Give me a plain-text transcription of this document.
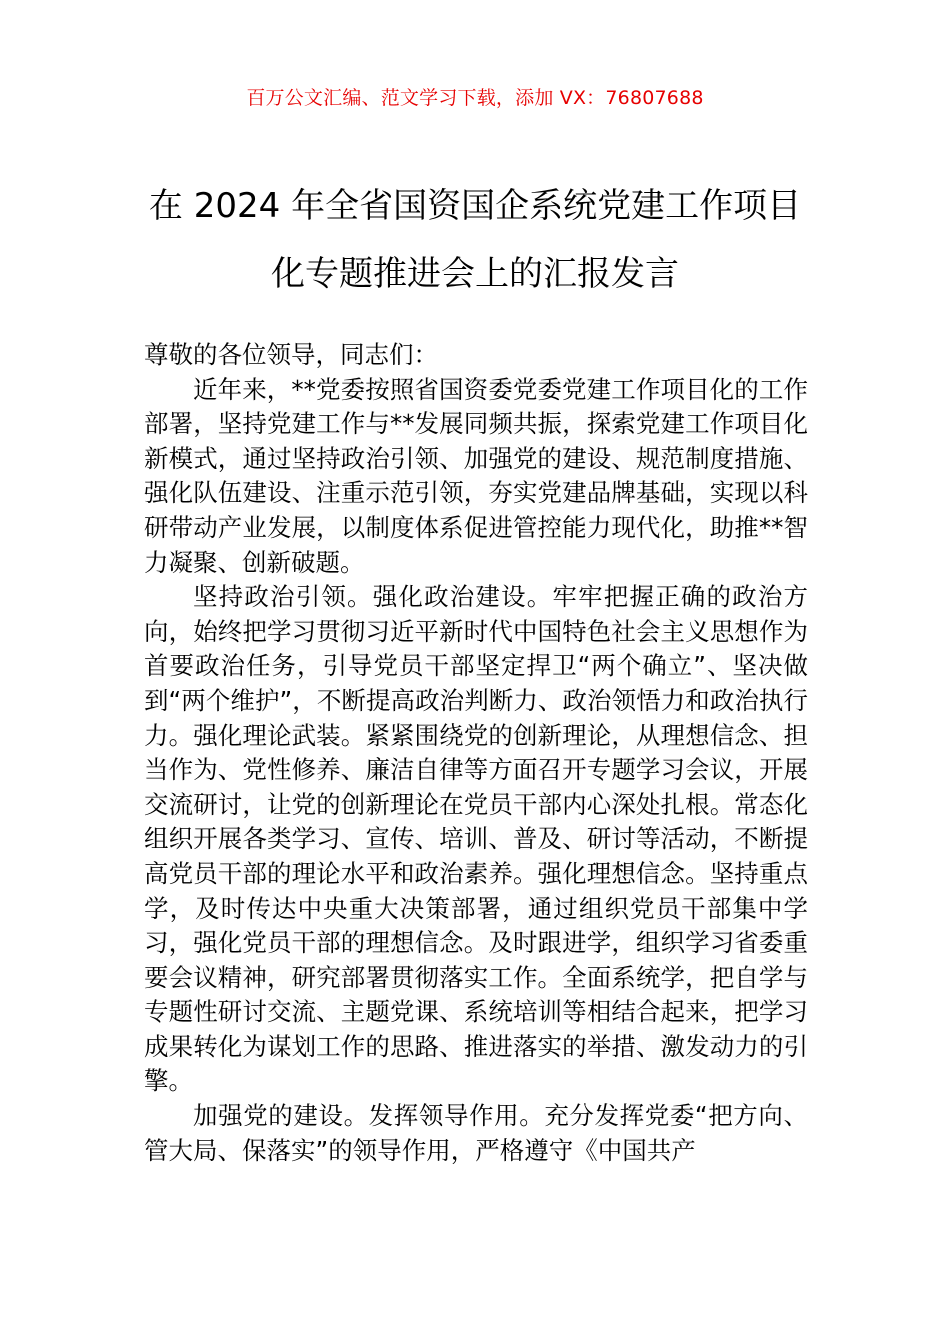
百万公文汇编、范文学习下载，添加 VX：76807688
在 2024 年全省国资国企系统党建工作项目
化专题推进会上的汇报发言

尊敬的各位领导，同志们：

近年来，**党委按照省国资委党委党建工作项目化的工作部署，坚持党建工作与**发展同频共振，探索党建工作项目化新模式，通过坚持政治引领、加强党的建设、规范制度措施、强化队伍建设、注重示范引领，夯实党建品牌基础，实现以科研带动产业发展，以制度体系促进管控能力现代化，助推**智力凝聚、创新破题。

坚持政治引领。强化政治建设。牢牢把握正确的政治方向，始终把学习贯彻习近平新时代中国特色社会主义思想作为首要政治任务，引导党员干部坚定捍卫“两个确立”、坚决做到“两个维护”，不断提高政治判断力、政治领悟力和政治执行力。强化理论武装。紧紧围绕党的创新理论，从理想信念、担当作为、党性修养、廉洁自律等方面召开专题学习会议，开展交流研讨，让党的创新理论在党员干部内心深处扎根。常态化组织开展各类学习、宣传、培训、普及、研讨等活动，不断提高党员干部的理论水平和政治素养。强化理想信念。坚持重点学，及时传达中央重大决策部署，通过组织党员干部集中学习，强化党员干部的理想信念。及时跟进学，组织学习省委重要会议精神，研究部署贯彻落实工作。全面系统学，把自学与专题性研讨交流、主题党课、系统培训等相结合起来，把学习成果转化为谋划工作的思路、推进落实的举措、激发动力的引擎。

加强党的建设。发挥领导作用。充分发挥党委“把方向、管大局、保落实”的领导作用，严格遵守《中国共产
